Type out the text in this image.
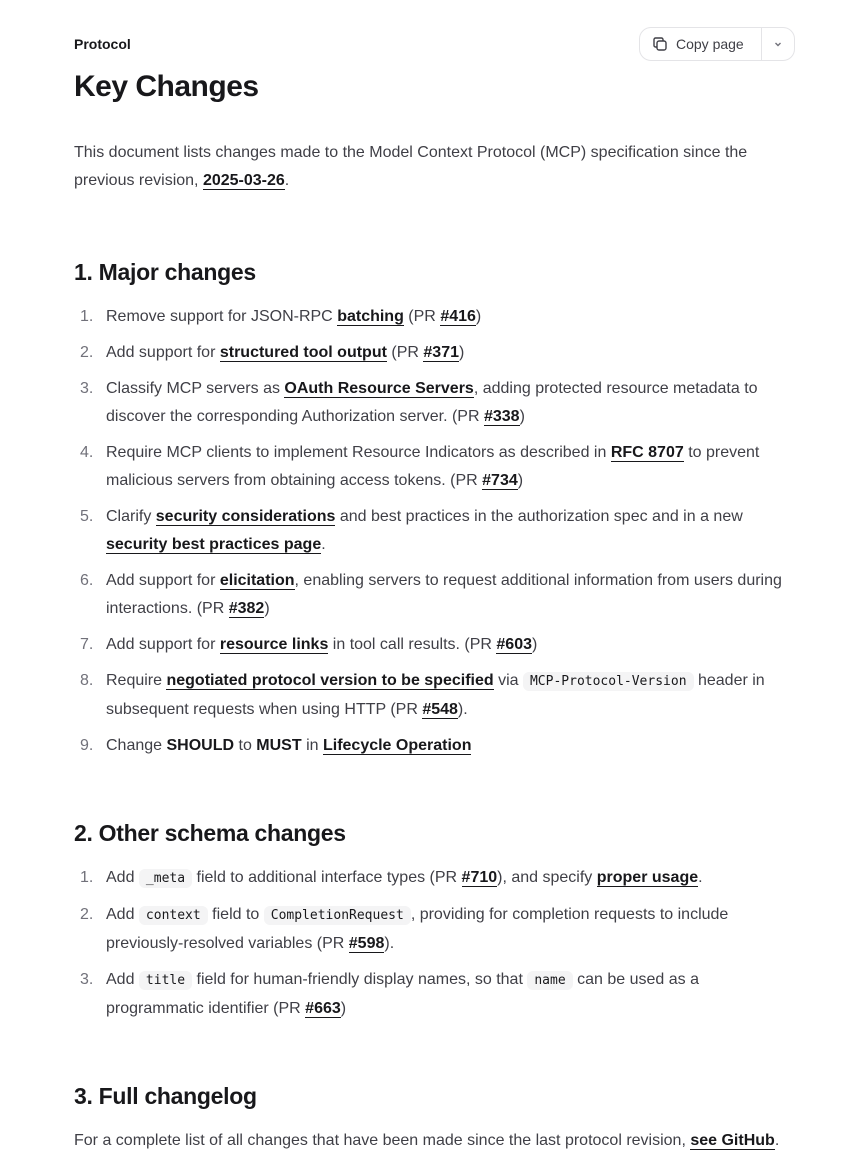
Protocol	Copy page
Key Changes

This document lists changes made to the Model Context Protocol (MCP) specification since the previous revision, 2025-03-26.

1. Major changes
1. Remove support for JSON-RPC batching (PR #416)
2. Add support for structured tool output (PR #371)
3. Classify MCP servers as OAuth Resource Servers, adding protected resource metadata to discover the corresponding Authorization server. (PR #338)
4. Require MCP clients to implement Resource Indicators as described in RFC 8707 to prevent malicious servers from obtaining access tokens. (PR #734)
5. Clarify security considerations and best practices in the authorization spec and in a new security best practices page.
6. Add support for elicitation, enabling servers to request additional information from users during interactions. (PR #382)
7. Add support for resource links in tool call results. (PR #603)
8. Require negotiated protocol version to be specified via MCP-Protocol-Version header in subsequent requests when using HTTP (PR #548).
9. Change SHOULD to MUST in Lifecycle Operation
2. Other schema changes
1. Add _meta field to additional interface types (PR #710), and specify proper usage.
2. Add context field to CompletionRequest , providing for completion requests to include previously-resolved variables (PR #598).
3. Add title field for human-friendly display names, so that name can be used as a programmatic identifier (PR #663)
3. Full changelog

For a complete list of all changes that have been made since the last protocol revision, see GitHub.
